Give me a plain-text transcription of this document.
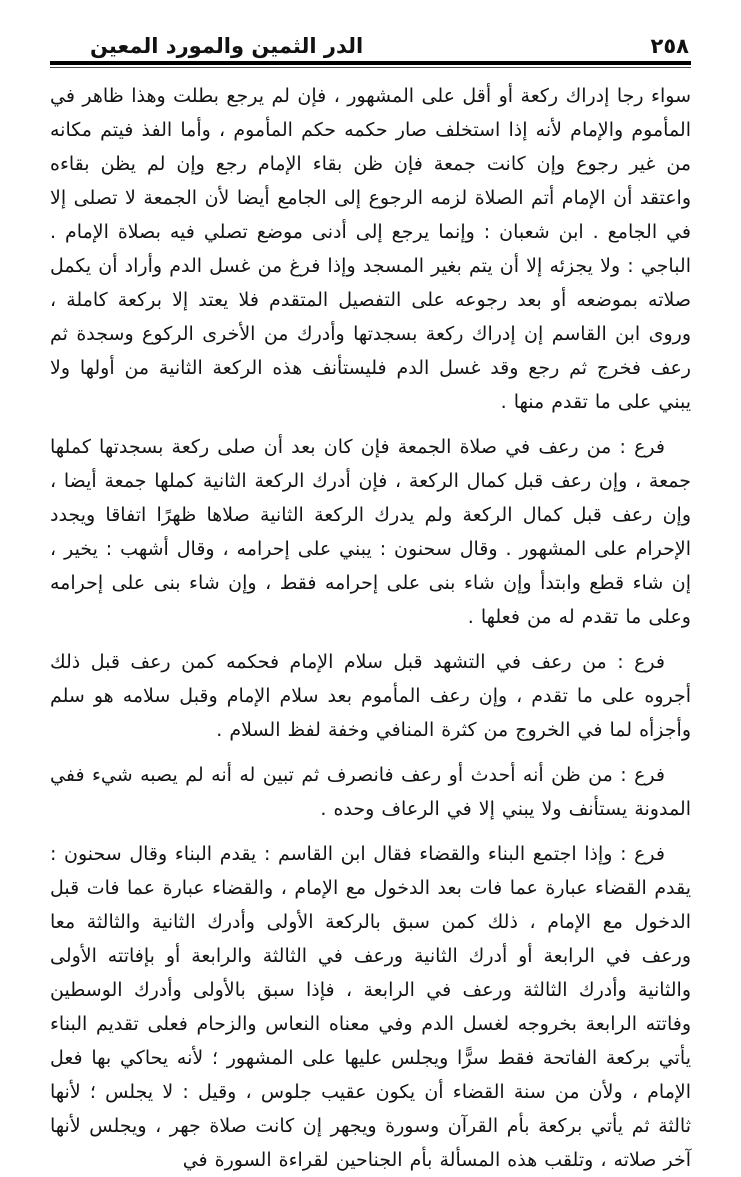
الدر الثمين والمورد المعين	٢٥٨

سواء رجا إدراك ركعة أو أقل على المشهور ، فإن لم يرجع بطلت وهذا ظاهر في المأموم والإمام لأنه إذا استخلف صار حكمه حكم المأموم ، وأما الفذ فيتم مكانه من غير رجوع وإن كانت جمعة فإن ظن بقاء الإمام رجع وإن لم يظن بقاءه واعتقد أن الإمام أتم الصلاة لزمه الرجوع إلى الجامع أيضا لأن الجمعة لا تصلى إلا في الجامع . ابن شعبان : وإنما يرجع إلى أدنى موضع تصلي فيه بصلاة الإمام . الباجي : ولا يجزئه إلا أن يتم بغير المسجد وإذا فرغ من غسل الدم وأراد أن يكمل صلاته بموضعه أو بعد رجوعه على التفصيل المتقدم فلا يعتد إلا بركعة كاملة ، وروى ابن القاسم إن إدراك ركعة بسجدتها وأدرك من الأخرى الركوع وسجدة ثم رعف فخرج ثم رجع وقد غسل الدم فليستأنف هذه الركعة الثانية من أولها ولا يبني على ما تقدم منها .

فرع : من رعف في صلاة الجمعة فإن كان بعد أن صلى ركعة بسجدتها كملها جمعة ، وإن رعف قبل كمال الركعة ، فإن أدرك الركعة الثانية كملها جمعة أيضا ، وإن رعف قبل كمال الركعة ولم يدرك الركعة الثانية صلاها ظهرًا اتفاقا ويجدد الإحرام على المشهور . وقال سحنون : يبني على إحرامه ، وقال أشهب : يخير ، إن شاء قطع وابتدأ وإن شاء بنى على إحرامه فقط ، وإن شاء بنى على إحرامه وعلى ما تقدم له من فعلها .

فرع : من رعف في التشهد قبل سلام الإمام فحكمه كمن رعف قبل ذلك أجروه على ما تقدم ، وإن رعف المأموم بعد سلام الإمام وقبل سلامه هو سلم وأجزأه لما في الخروج من كثرة المنافي وخفة لفظ السلام .

فرع : من ظن أنه أحدث أو رعف فانصرف ثم تبين له أنه لم يصبه شيء ففي المدونة يستأنف ولا يبني إلا في الرعاف وحده .

فرع : وإذا اجتمع البناء والقضاء فقال ابن القاسم : يقدم البناء وقال سحنون : يقدم القضاء عبارة عما فات بعد الدخول مع الإمام ، والقضاء عبارة عما فات قبل الدخول مع الإمام ، ذلك كمن سبق بالركعة الأولى وأدرك الثانية والثالثة معا ورعف في الرابعة أو أدرك الثانية ورعف في الثالثة والرابعة أو بإفاتته الأولى والثانية وأدرك الثالثة ورعف في الرابعة ، فإذا سبق بالأولى وأدرك الوسطين وفاتته الرابعة بخروجه لغسل الدم وفي معناه النعاس والزحام فعلى تقديم البناء يأتي بركعة الفاتحة فقط سرًّا ويجلس عليها على المشهور ؛ لأنه يحاكي بها فعل الإمام ، ولأن من سنة القضاء أن يكون عقيب جلوس ، وقيل : لا يجلس ؛ لأنها ثالثة ثم يأتي بركعة بأم القرآن وسورة ويجهر إن كانت صلاة جهر ، ويجلس لأنها آخر صلاته ، وتلقب هذه المسألة بأم الجناحين لقراءة السورة في
